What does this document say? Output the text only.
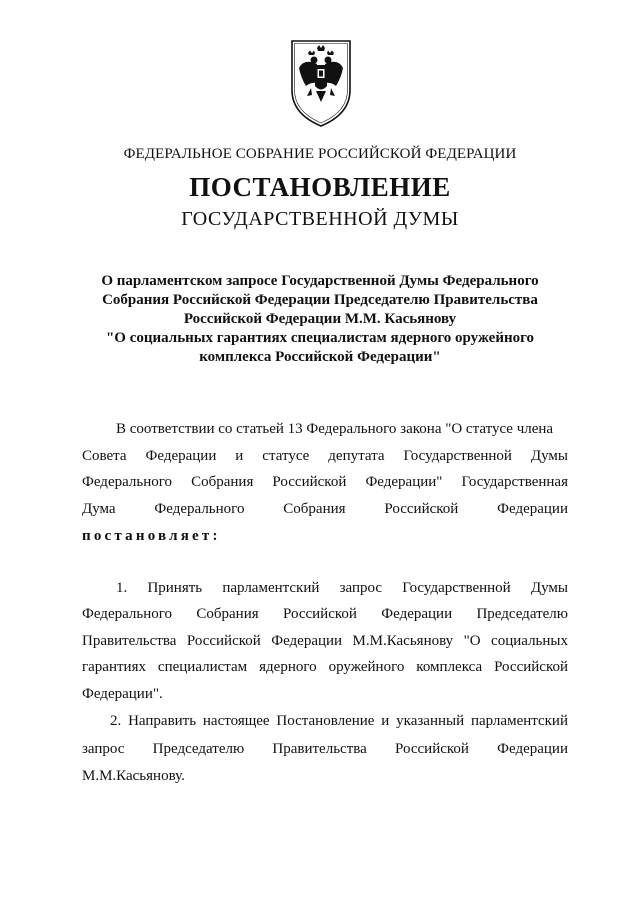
ФЕДЕРАЛЬНОЕ СОБРАНИЕ РОССИЙСКОЙ ФЕДЕРАЦИИ
ПОСТАНОВЛЕНИЕ
ГОСУДАРСТВЕННОЙ ДУМЫ
О парламентском запросе Государственной Думы Федерального
Собрания Российской Федерации Председателю Правительства
Российской Федерации М.М. Касьянову
"О социальных гарантиях специалистам ядерного оружейного
комплекса Российской Федерации"
В соответствии со статьей 13 Федерального закона "О статусе члена
Совета Федерации и статусе депутата Государственной Думы
Федерального Собрания Российской Федерации" Государственная
Дума Федерального Собрания Российской Федерации
постановляет:
1. Принять парламентский запрос Государственной Думы
Федерального Собрания Российской Федерации Председателю
Правительства Российской Федерации М.М.Касьянову "О социальных
гарантиях специалистам ядерного оружейного комплекса Российской
Федерации".
2. Направить настоящее Постановление и указанный парламентский
запрос Председателю Правительства Российской Федерации
М.М.Касьянову.
